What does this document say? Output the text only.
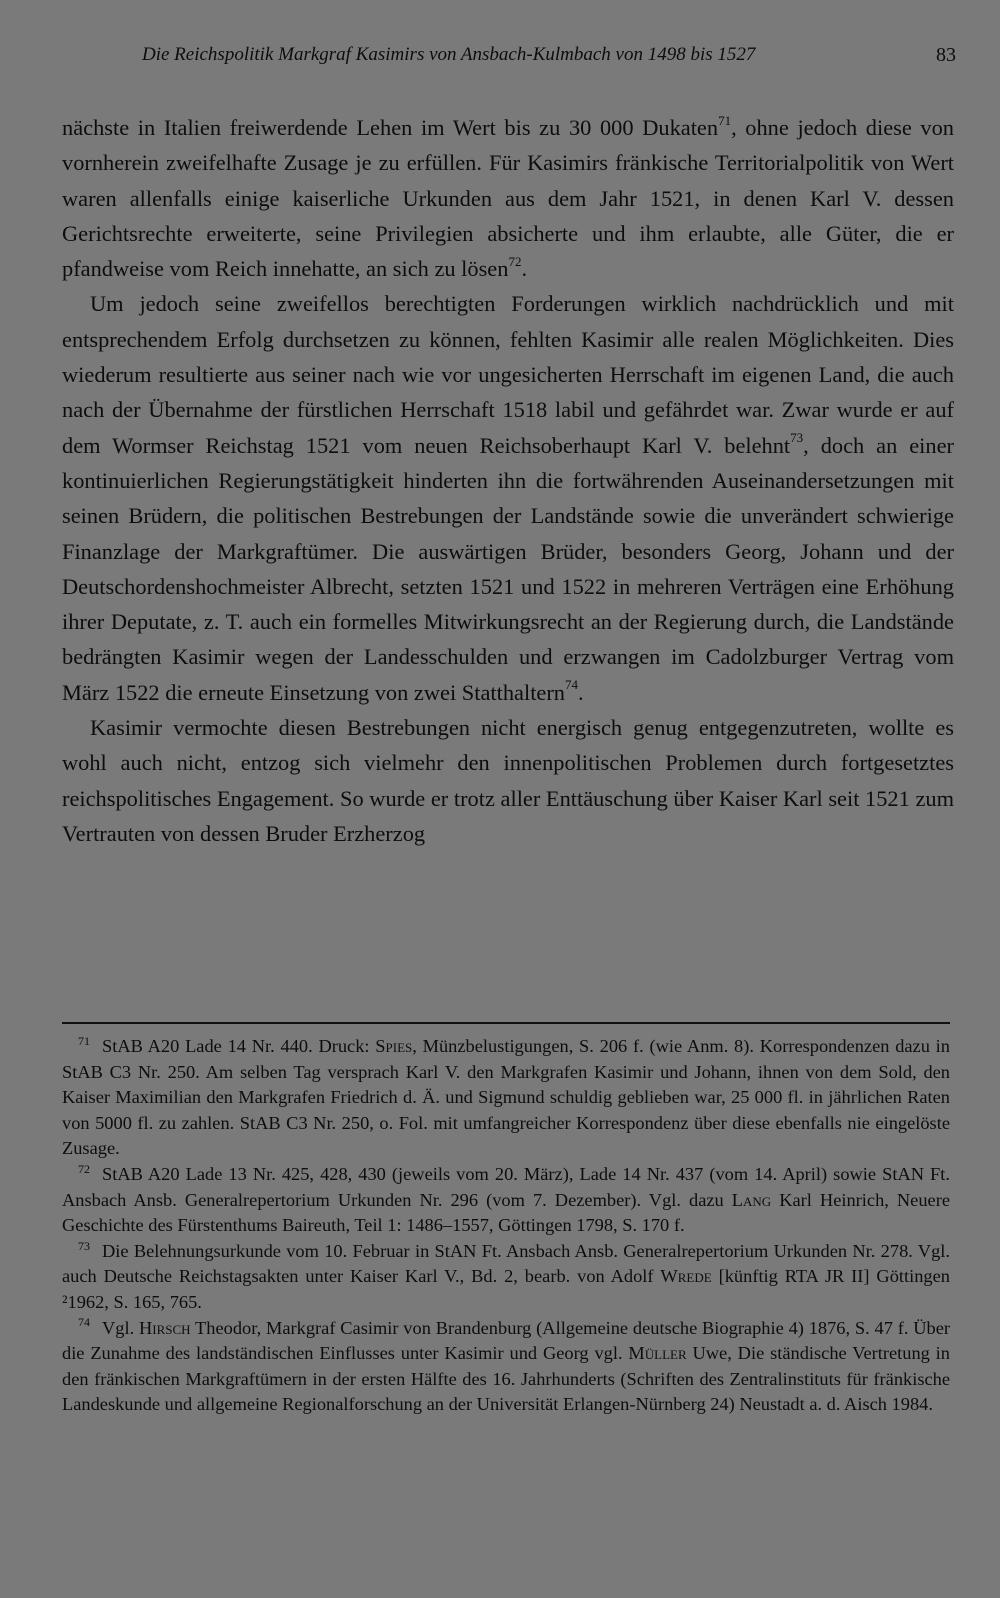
Die Reichspolitik Markgraf Kasimirs von Ansbach-Kulmbach von 1498 bis 1527	83

nächste in Italien freiwerdende Lehen im Wert bis zu 30 000 Dukaten$^{71}$, ohne jedoch diese von vornherein zweifelhafte Zusage je zu erfüllen. Für Kasimirs fränkische Territorialpolitik von Wert waren allenfalls einige kaiserliche Urkunden aus dem Jahr 1521, in denen Karl V. dessen Gerichtsrechte erweiterte, seine Privilegien absicherte und ihm erlaubte, alle Güter, die er pfandweise vom Reich innehatte, an sich zu lösen$^{72}$.

Um jedoch seine zweifellos berechtigten Forderungen wirklich nachdrücklich und mit entsprechendem Erfolg durchsetzen zu können, fehlten Kasimir alle realen Möglichkeiten. Dies wiederum resultierte aus seiner nach wie vor ungesicherten Herrschaft im eigenen Land, die auch nach der Übernahme der fürstlichen Herrschaft 1518 labil und gefährdet war. Zwar wurde er auf dem Wormser Reichstag 1521 vom neuen Reichsoberhaupt Karl V. belehnt$^{73}$, doch an einer kontinuierlichen Regierungstätigkeit hinderten ihn die fortwährenden Auseinandersetzungen mit seinen Brüdern, die politischen Bestrebungen der Landstände sowie die unverändert schwierige Finanzlage der Markgraftümer. Die auswärtigen Brüder, besonders Georg, Johann und der Deutschordenshochmeister Albrecht, setzten 1521 und 1522 in mehreren Verträgen eine Erhöhung ihrer Deputate, z. T. auch ein formelles Mitwirkungsrecht an der Regierung durch, die Landstände bedrängten Kasimir wegen der Landesschulden und erzwangen im Cadolzburger Vertrag vom März 1522 die erneute Einsetzung von zwei Statthaltern$^{74}$.

Kasimir vermochte diesen Bestrebungen nicht energisch genug entgegenzutreten, wollte es wohl auch nicht, entzog sich vielmehr den innenpolitischen Problemen durch fortgesetztes reichspolitisches Engagement. So wurde er trotz aller Enttäuschung über Kaiser Karl seit 1521 zum Vertrauten von dessen Bruder Erzherzog

$^{71}$ StAB A20 Lade 14 Nr. 440. Druck: Spies, Münzbelustigungen, S. 206 f. (wie Anm. 8). Korrespondenzen dazu in StAB C3 Nr. 250. Am selben Tag versprach Karl V. den Markgrafen Kasimir und Johann, ihnen von dem Sold, den Kaiser Maximilian den Markgrafen Friedrich d. Ä. und Sigmund schuldig geblieben war, 25 000 fl. in jährlichen Raten von 5000 fl. zu zahlen. StAB C3 Nr. 250, o. Fol. mit umfangreicher Korrespondenz über diese ebenfalls nie eingelöste Zusage.

$^{72}$ StAB A20 Lade 13 Nr. 425, 428, 430 (jeweils vom 20. März), Lade 14 Nr. 437 (vom 14. April) sowie StAN Ft. Ansbach Ansb. Generalrepertorium Urkunden Nr. 296 (vom 7. Dezember). Vgl. dazu Lang Karl Heinrich, Neuere Geschichte des Fürstenthums Baireuth, Teil 1: 1486–1557, Göttingen 1798, S. 170 f.

$^{73}$ Die Belehnungsurkunde vom 10. Februar in StAN Ft. Ansbach Ansb. Generalrepertorium Urkunden Nr. 278. Vgl. auch Deutsche Reichstagsakten unter Kaiser Karl V., Bd. 2, bearb. von Adolf Wrede [künftig RTA JR II] Göttingen ²1962, S. 165, 765.

$^{74}$ Vgl. Hirsch Theodor, Markgraf Casimir von Brandenburg (Allgemeine deutsche Biographie 4) 1876, S. 47 f. Über die Zunahme des landständischen Einflusses unter Kasimir und Georg vgl. Müller Uwe, Die ständische Vertretung in den fränkischen Markgraftümern in der ersten Hälfte des 16. Jahrhunderts (Schriften des Zentralinstituts für fränkische Landeskunde und allgemeine Regionalforschung an der Universität Erlangen-Nürnberg 24) Neustadt a. d. Aisch 1984.
